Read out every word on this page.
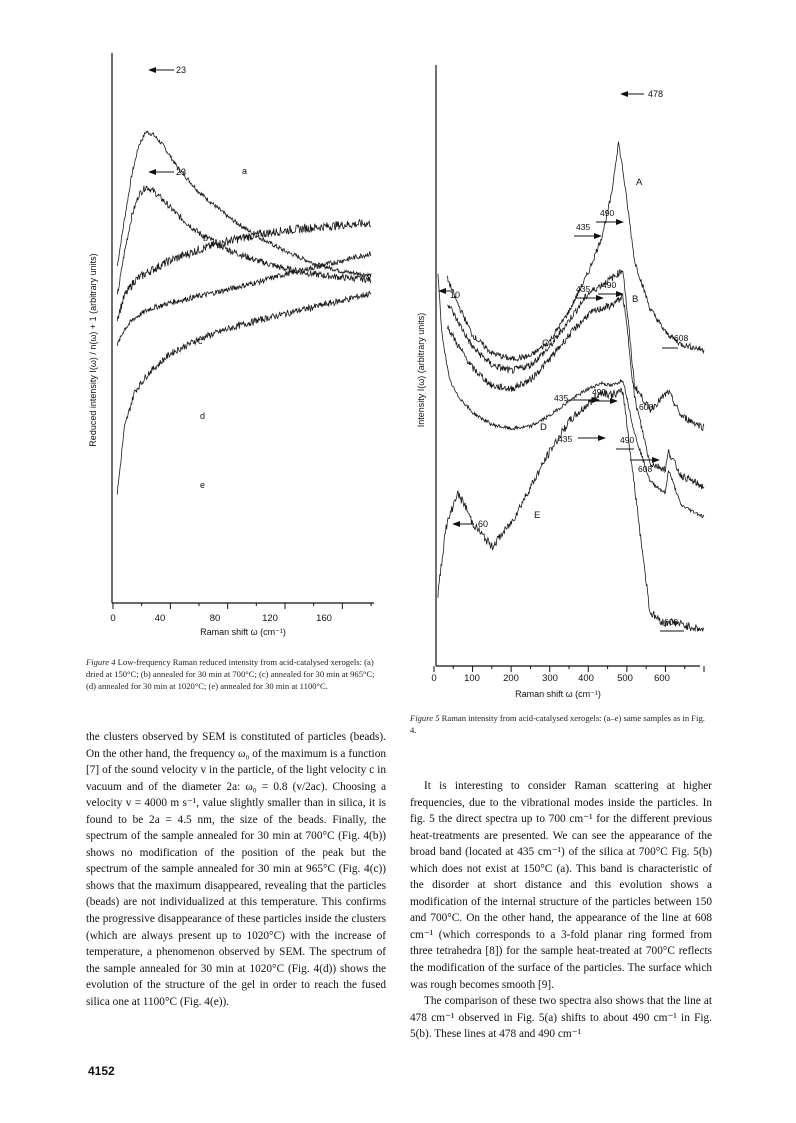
0	40	80	120	160
Raman shift ω (cm⁻¹)
Reduced intensity I(ω) / n(ω) + 1 (arbitrary units)
23
23	a
b
c
d
e
Figure 4 Low-frequency Raman reduced intensity from acid-catalysed xerogels: (a) dried at 150°C; (b) annealed for 30 min at 700°C; (c) annealed for 30 min at 965°C; (d) annealed for 30 min at 1020°C; (e) annealed for 30 min at 1100°C.
0	100 200 300 400 500 600
Raman shift ω (cm⁻¹)
Intensity I(ω) (arbitrary units)
478
A
490
435
490
435
B
10
608
C
490
435
608
D
435	490
608
60
E
608
Figure 5 Raman intensity from acid-catalysed xerogels: (a–e) same samples as in Fig. 4.

the clusters observed by SEM is constituted of particles (beads). On the other hand, the frequency ω₀ of the maximum is a function [7] of the sound velocity v in the particle, of the light velocity c in vacuum and of the diameter 2a: ω₀ = 0.8 (v/2ac). Choosing a velocity v = 4000 m s⁻¹, value slightly smaller than in silica, it is found to be 2a = 4.5 nm, the size of the beads. Finally, the spectrum of the sample annealed for 30 min at 700°C (Fig. 4(b)) shows no modification of the position of the peak but the spectrum of the sample annealed for 30 min at 965°C (Fig. 4(c)) shows that the maximum disappeared, revealing that the particles (beads) are not individualized at this temperature. This confirms the progressive disappearance of these particles inside the clusters (which are always present up to 1020°C) with the increase of temperature, a phenomenon observed by SEM. The spectrum of the sample annealed for 30 min at 1020°C (Fig. 4(d)) shows the evolution of the structure of the gel in order to reach the fused silica one at 1100°C (Fig. 4(e)).

It is interesting to consider Raman scattering at higher frequencies, due to the vibrational modes inside the particles. In fig. 5 the direct spectra up to 700 cm⁻¹ for the different previous heat-treatments are presented. We can see the appearance of the broad band (located at 435 cm⁻¹) of the silica at 700°C Fig. 5(b) which does not exist at 150°C (a). This band is characteristic of the disorder at short distance and this evolution shows a modification of the internal structure of the particles between 150 and 700°C. On the other hand, the appearance of the line at 608 cm⁻¹ (which corresponds to a 3-fold planar ring formed from three tetrahedra [8]) for the sample heat-treated at 700°C reflects the modification of the surface of the particles. The surface which was rough becomes smooth [9].

The comparison of these two spectra also shows that the line at 478 cm⁻¹ observed in Fig. 5(a) shifts to about 490 cm⁻¹ in Fig. 5(b). These lines at 478 and 490 cm⁻¹

4152
